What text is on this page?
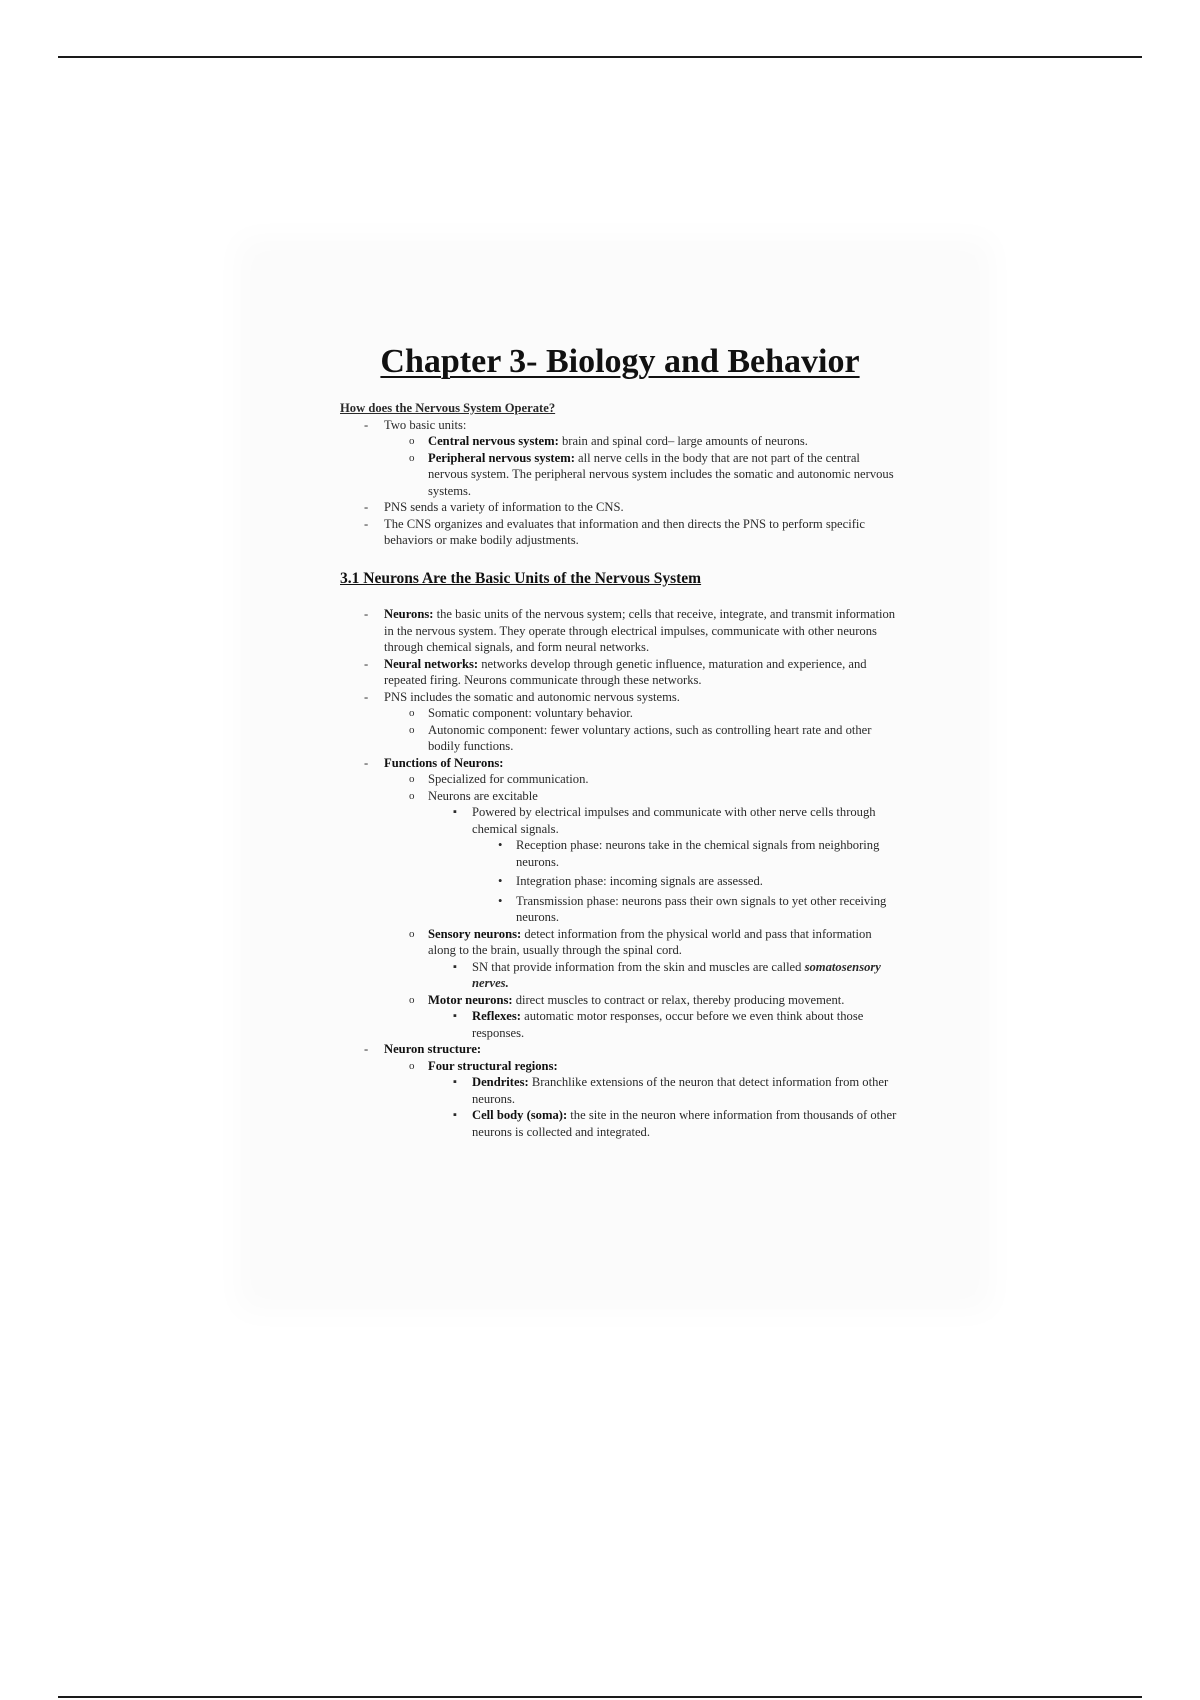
Chapter 3- Biology and Behavior
How does the Nervous System Operate?
- Two basic units:
o Central nervous system: brain and spinal cord– large amounts of neurons.
o Peripheral nervous system: all nerve cells in the body that are not part of the central nervous system. The peripheral nervous system includes the somatic and autonomic nervous systems.
- PNS sends a variety of information to the CNS.
- The CNS organizes and evaluates that information and then directs the PNS to perform specific behaviors or make bodily adjustments.
3.1 Neurons Are the Basic Units of the Nervous System
- Neurons: the basic units of the nervous system; cells that receive, integrate, and transmit information in the nervous system. They operate through electrical impulses, communicate with other neurons through chemical signals, and form neural networks.
- Neural networks: networks develop through genetic influence, maturation and experience, and repeated firing. Neurons communicate through these networks.
- PNS includes the somatic and autonomic nervous systems.
o Somatic component: voluntary behavior.
o Autonomic component: fewer voluntary actions, such as controlling heart rate and other bodily functions.
- Functions of Neurons:
o Specialized for communication.
o Neurons are excitable
▪ Powered by electrical impulses and communicate with other nerve cells through chemical signals.
• Reception phase: neurons take in the chemical signals from neighboring neurons.
• Integration phase: incoming signals are assessed.
• Transmission phase: neurons pass their own signals to yet other receiving neurons.
o Sensory neurons: detect information from the physical world and pass that information along to the brain, usually through the spinal cord.
▪ SN that provide information from the skin and muscles are called somatosensory nerves.
o Motor neurons: direct muscles to contract or relax, thereby producing movement.
▪ Reflexes: automatic motor responses, occur before we even think about those responses.
- Neuron structure:
o Four structural regions:
▪ Dendrites: Branchlike extensions of the neuron that detect information from other neurons.
▪ Cell body (soma): the site in the neuron where information from thousands of other neurons is collected and integrated.
